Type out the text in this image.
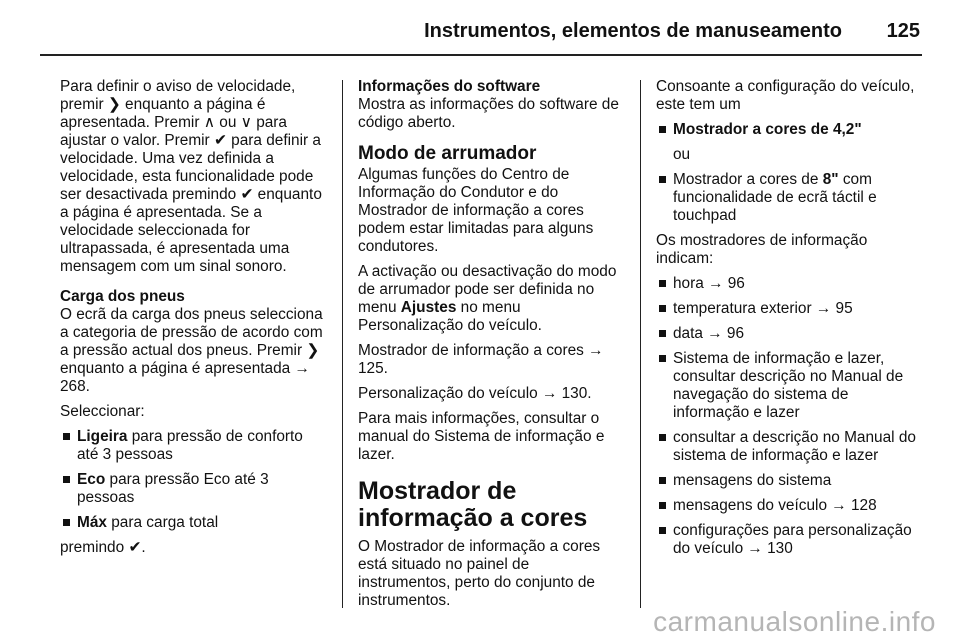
Instrumentos, elementos de manuseamento 125

Para definir o aviso de velocidade, premir ❯ enquanto a página é apresentada. Premir ∧ ou ∨ para ajustar o valor. Premir ✔ para definir a velocidade. Uma vez definida a velocidade, esta funcionalidade pode ser desactivada premindo ✔ enquanto a página é apresentada. Se a velocidade seleccionada for ultrapassada, é apresentada uma mensagem com um sinal sonoro.

Carga dos pneus

O ecrã da carga dos pneus selecciona a categoria de pressão de acordo com a pressão actual dos pneus. Premir ❯ enquanto a página é apresentada → 268.

Seleccionar:

Ligeira para pressão de conforto até 3 pessoas
Eco para pressão Eco até 3 pessoas
Máx para carga total

premindo ✔.

Informações do software

Mostra as informações do software de código aberto.

Modo de arrumador

Algumas funções do Centro de Informação do Condutor e do Mostrador de informação a cores podem estar limitadas para alguns condutores.

A activação ou desactivação do modo de arrumador pode ser definida no menu Ajustes no menu Personalização do veículo.

Mostrador de informação a cores → 125.

Personalização do veículo → 130.

Para mais informações, consultar o manual do Sistema de informação e lazer.

Mostrador de informação a cores

O Mostrador de informação a cores está situado no painel de instrumentos, perto do conjunto de instrumentos.

Consoante a configuração do veículo, este tem um

Mostrador a cores de 4,2"

ou

Mostrador a cores de 8" com funcionalidade de ecrã táctil e touchpad

Os mostradores de informação indicam:

hora → 96
temperatura exterior → 95
data → 96
Sistema de informação e lazer, consultar descrição no Manual de navegação do sistema de informação e lazer
consultar a descrição no Manual do sistema de informação e lazer
mensagens do sistema
mensagens do veículo → 128
configurações para personalização do veículo → 130
carmanualsonline.info
